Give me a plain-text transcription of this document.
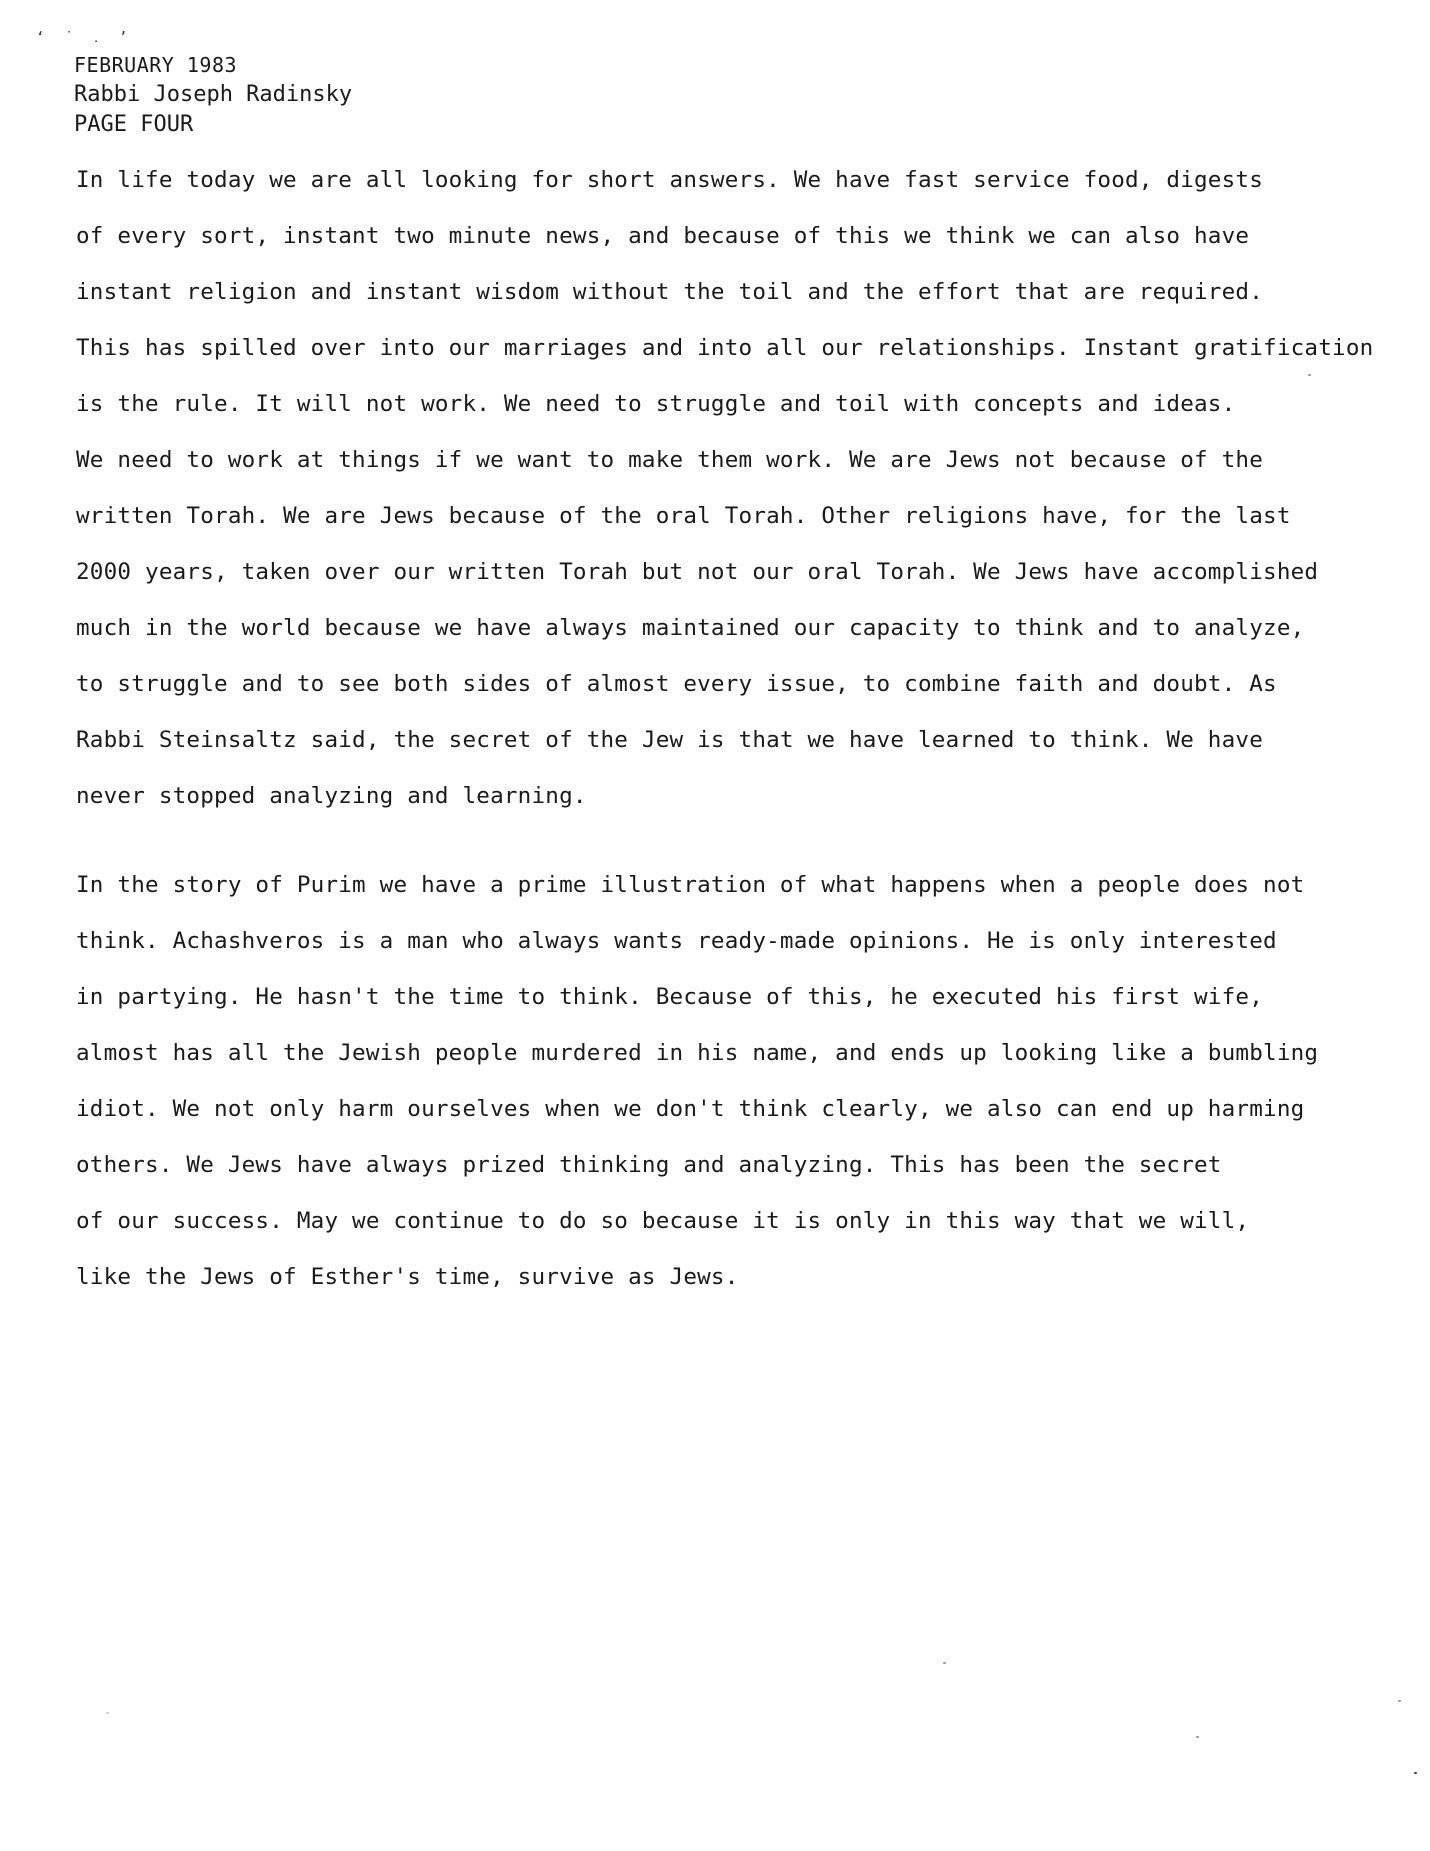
‘ ˙ ․ ’
FEBRUARY 1983
Rabbi Joseph Radinsky
PAGE FOUR
In life today we are all looking for short answers. We have fast service food, digests
of every sort, instant two minute news, and because of this we think we can also have
instant religion and instant wisdom without the toil and the effort that are required.
This has spilled over into our marriages and into all our relationships. Instant gratification
is the rule. It will not work. We need to struggle and toil with concepts and ideas.
We need to work at things if we want to make them work. We are Jews not because of the
written Torah. We are Jews because of the oral Torah. Other religions have, for the last
2000 years, taken over our written Torah but not our oral Torah. We Jews have accomplished
much in the world because we have always maintained our capacity to think and to analyze,
to struggle and to see both sides of almost every issue, to combine faith and doubt. As
Rabbi Steinsaltz said, the secret of the Jew is that we have learned to think. We have
never stopped analyzing and learning.
In the story of Purim we have a prime illustration of what happens when a people does not
think. Achashveros is a man who always wants ready-made opinions. He is only interested
in partying. He hasn't the time to think. Because of this, he executed his first wife,
almost has all the Jewish people murdered in his name, and ends up looking like a bumbling
idiot. We not only harm ourselves when we don't think clearly, we also can end up harming
others. We Jews have always prized thinking and analyzing. This has been the secret
of our success. May we continue to do so because it is only in this way that we will,
like the Jews of Esther's time, survive as Jews.
